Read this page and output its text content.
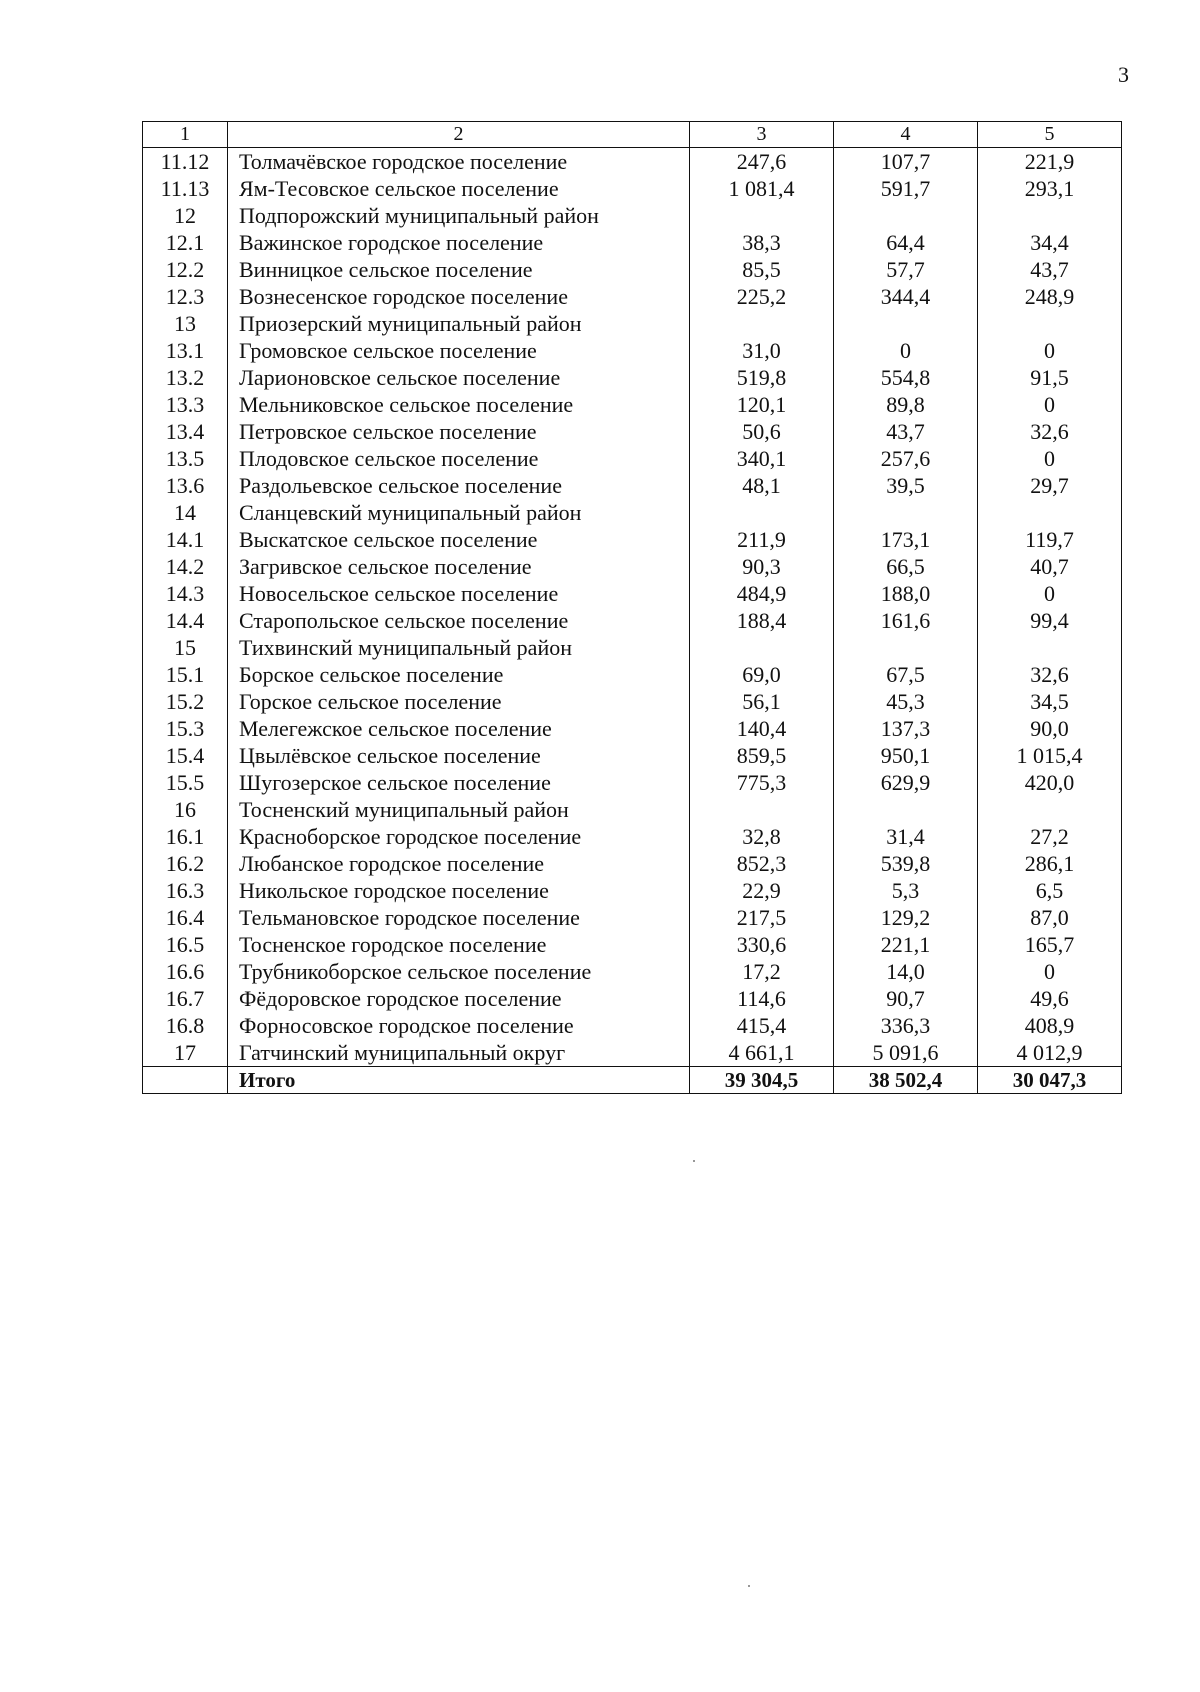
3
1	2	3	4	5
11.12	Толмачёвское городское поселение	247,6	107,7	221,9
11.13	Ям-Тесовское сельское поселение	1 081,4	591,7	293,1
12	Подпорожский муниципальный район			
12.1	Важинское городское поселение	38,3	64,4	34,4
12.2	Винницкое сельское поселение	85,5	57,7	43,7
12.3	Вознесенское городское поселение	225,2	344,4	248,9
13	Приозерский муниципальный район			
13.1	Громовское сельское поселение	31,0	0	0
13.2	Ларионовское сельское поселение	519,8	554,8	91,5
13.3	Мельниковское сельское поселение	120,1	89,8	0
13.4	Петровское сельское поселение	50,6	43,7	32,6
13.5	Плодовское сельское поселение	340,1	257,6	0
13.6	Раздольевское сельское поселение	48,1	39,5	29,7
14	Сланцевский муниципальный район			
14.1	Выскатское сельское поселение	211,9	173,1	119,7
14.2	Загривское сельское поселение	90,3	66,5	40,7
14.3	Новосельское сельское поселение	484,9	188,0	0
14.4	Старопольское сельское поселение	188,4	161,6	99,4
15	Тихвинский муниципальный район			
15.1	Борское сельское поселение	69,0	67,5	32,6
15.2	Горское сельское поселение	56,1	45,3	34,5
15.3	Мелегежское сельское поселение	140,4	137,3	90,0
15.4	Цвылёвское сельское поселение	859,5	950,1	1 015,4
15.5	Шугозерское сельское поселение	775,3	629,9	420,0
16	Тосненский муниципальный район			
16.1	Красноборское городское поселение	32,8	31,4	27,2
16.2	Любанское городское поселение	852,3	539,8	286,1
16.3	Никольское городское поселение	22,9	5,3	6,5
16.4	Тельмановское городское поселение	217,5	129,2	87,0
16.5	Тосненское городское поселение	330,6	221,1	165,7
16.6	Трубникоборское сельское поселение	17,2	14,0	0
16.7	Фёдоровское городское поселение	114,6	90,7	49,6
16.8	Форносовское городское поселение	415,4	336,3	408,9
17	Гатчинский муниципальный округ	4 661,1	5 091,6	4 012,9
	Итого	39 304,5	38 502,4	30 047,3
